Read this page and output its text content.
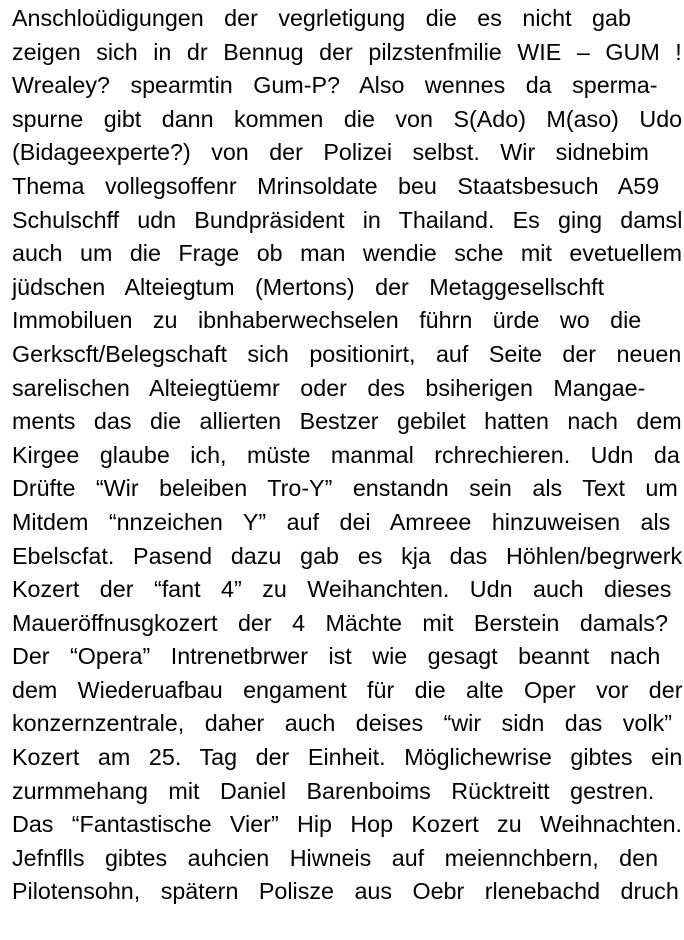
Anschloüdigungen der vegrletigung die es nicht gab
zeigen sich in dr Bennug der pilzstenfmilie WIE – GUM !
Wrealey? spearmtin Gum-P? Also wennes da sperma-
spurne gibt dann kommen die von S(Ado) M(aso) Udo
(Bidageexperte?) von der Polizei selbst. Wir sidnebim
Thema vollegsoffenr Mrinsoldate beu Staatsbesuch A59
Schulschff udn Bundpräsident in Thailand. Es ging damsl
auch um die Frage ob man wendie sche mit evetuellem
jüdschen Alteiegtum (Mertons) der Metaggesellschft
Immobiluen zu ibnhaberwechselen führn ürde wo die
Gerkscft/Belegschaft sich positionirt, auf Seite der neuen
sarelischen Alteiegtüemr oder des bsiherigen Mangae-
ments das die allierten Bestzer gebilet hatten nach dem
Kirgee glaube ich, müste manmal rchrechieren. Udn da
Drüfte “Wir beleiben Tro-Y” enstandn sein als Text um
Mitdem “nnzeichen Y” auf dei Amreee hinzuweisen als
Ebelscfat. Pasend dazu gab es kja das Höhlen/begrwerk
Kozert der “fant 4” zu Weihanchten. Udn auch dieses
Maueröffnusgkozert der 4 Mächte mit Berstein damals?
Der “Opera” Intrenetbrwer ist wie gesagt beannt nach
dem Wiederuafbau engament für die alte Oper vor der
konzernzentrale, daher auch deises “wir sidn das volk”
Kozert am 25. Tag der Einheit. Möglichewrise gibtes ein
zurmmehang mit Daniel Barenboims Rücktreitt gestren.
Das “Fantastische Vier” Hip Hop Kozert zu Weihnachten.
Jefnflls gibtes auhcien Hiwneis auf meiennchbern, den
Pilotensohn, spätern Polisze aus Oebr rlenebachd druch
